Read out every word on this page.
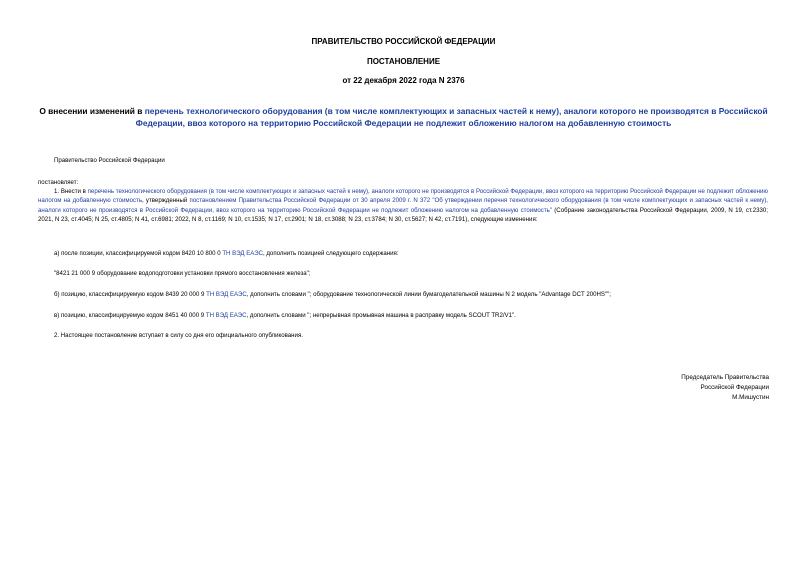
ПРАВИТЕЛЬСТВО РОССИЙСКОЙ ФЕДЕРАЦИИ
ПОСТАНОВЛЕНИЕ
от 22 декабря 2022 года N 2376
О внесении изменений в перечень технологического оборудования (в том числе комплектующих и запасных частей к нему), аналоги которого не производятся в Российской Федерации, ввоз которого на территорию Российской Федерации не подлежит обложению налогом на добавленную стоимость
Правительство Российской Федерации
постановляет:
1. Внести в перечень технологического оборудования (в том числе комплектующих и запасных частей к нему), аналоги которого не производятся в Российской Федерации, ввоз которого на территорию Российской Федерации не подлежит обложению налогом на добавленную стоимость, утвержденный постановлением Правительства Российской Федерации от 30 апреля 2009 г. N 372 "Об утверждении перечня технологического оборудования (в том числе комплектующих и запасных частей к нему), аналоги которого не производятся в Российской Федерации, ввоз которого на территорию Российской Федерации не подлежит обложению налогом на добавленную стоимость" (Собрание законодательства Российской Федерации, 2009, N 19, ст.2330; 2021, N 23, ст.4045; N 25, ст.4805; N 41, ст.6981; 2022, N 8, ст.1169; N 10, ст.1535; N 17, ст.2901; N 18, ст.3088; N 23, ст.3784; N 30, ст.5627; N 42, ст.7191), следующие изменения:
а) после позиции, классифицируемой кодом 8420 10 800 0 ТН ВЭД ЕАЭС, дополнить позицией следующего содержания:
"8421 21 000 9 оборудование водоподготовки установки прямого восстановления железа";
б) позицию, классифицируемую кодом 8439 20 000 9 ТН ВЭД ЕАЭС, дополнить словами "; оборудование технологической линии бумагоделательной машины N 2 модель "Advantage DCT 200HS"";
в) позицию, классифицируемую кодом 8451 40 000 9 ТН ВЭД ЕАЭС, дополнить словами "; непрерывная промывная машина в расправку модель SCOUT TR2/V1".
2. Настоящее постановление вступает в силу со дня его официального опубликования.
Председатель Правительства
Российской Федерации
М.Мишустин
